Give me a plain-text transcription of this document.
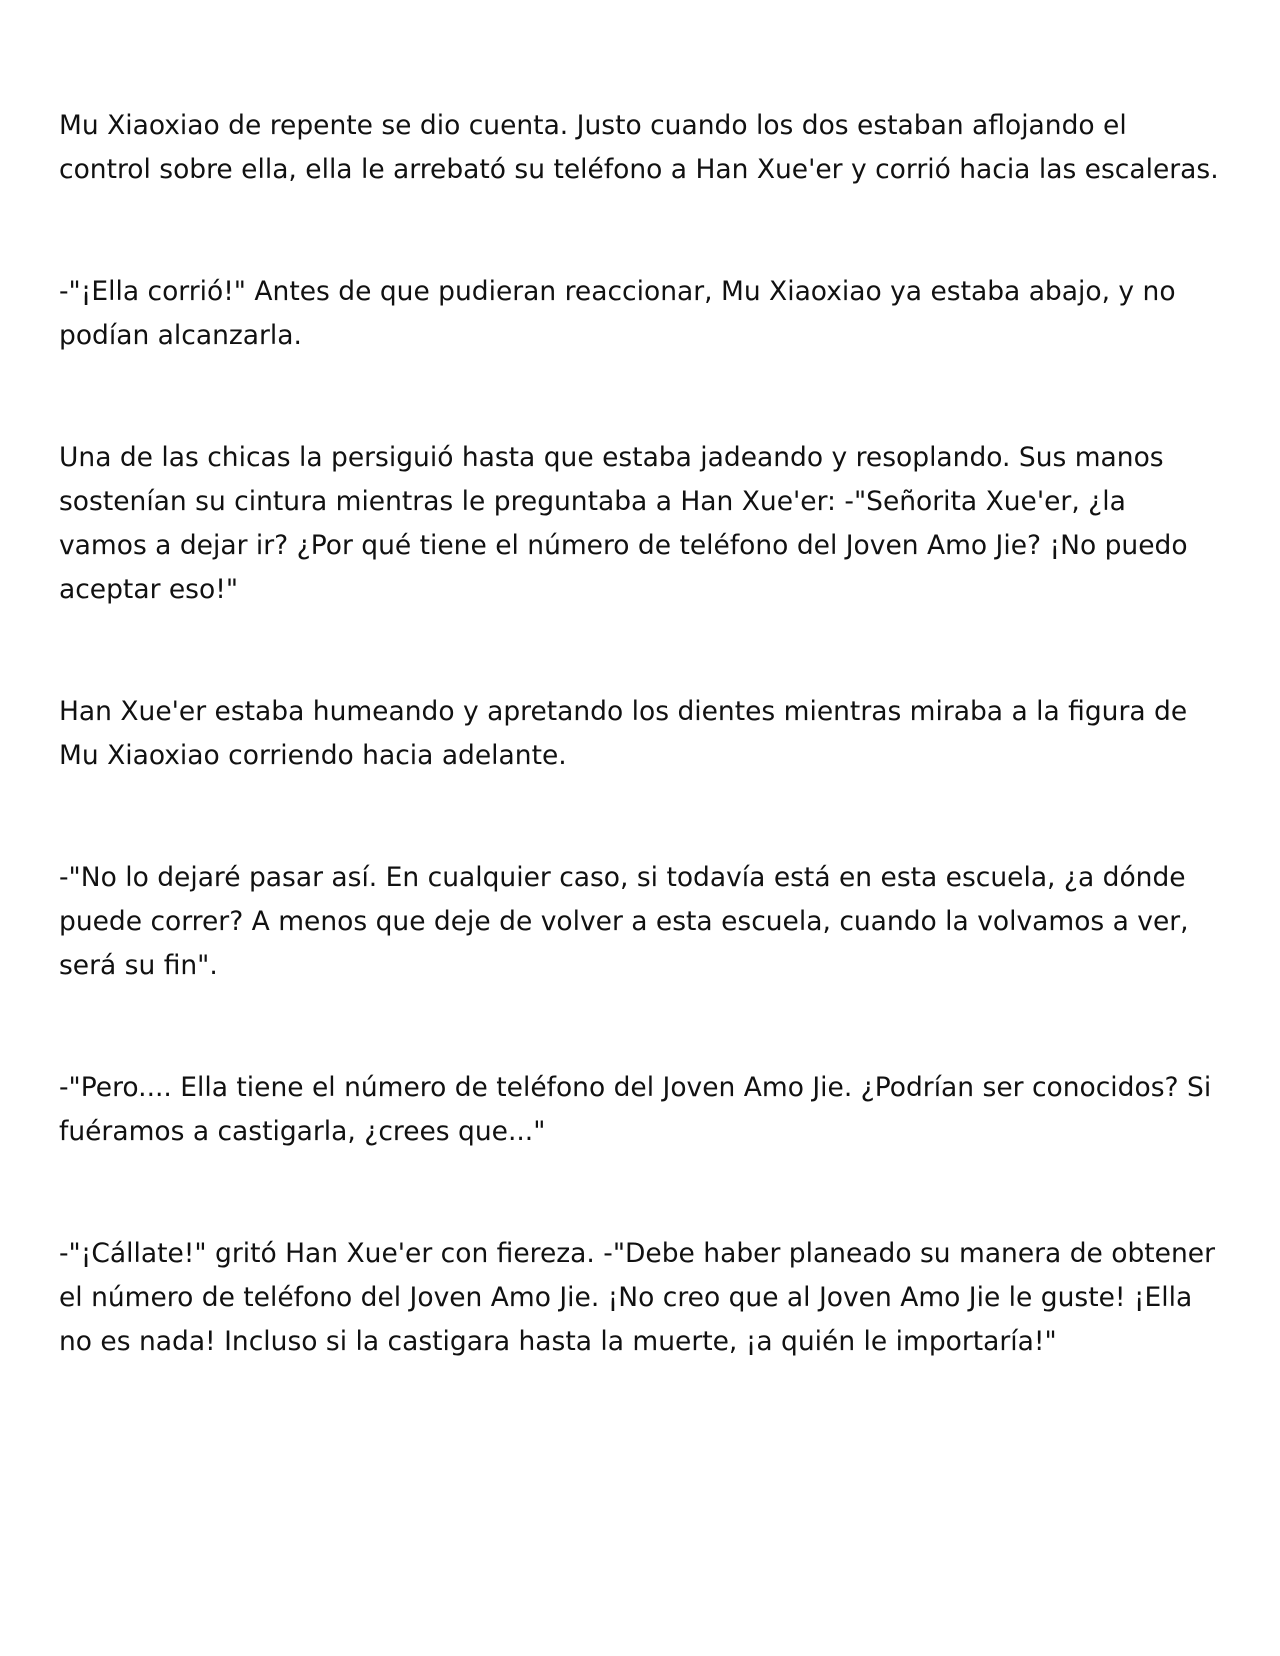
Mu Xiaoxiao de repente se dio cuenta. Justo cuando los dos estaban aflojando el control sobre ella, ella le arrebató su teléfono a Han Xue'er y corrió hacia las escaleras.

-"¡Ella corrió!" Antes de que pudieran reaccionar, Mu Xiaoxiao ya estaba abajo, y no podían alcanzarla.

Una de las chicas la persiguió hasta que estaba jadeando y resoplando. Sus manos sostenían su cintura mientras le preguntaba a Han Xue'er: -"Señorita Xue'er, ¿la vamos a dejar ir? ¿Por qué tiene el número de teléfono del Joven Amo Jie? ¡No puedo aceptar eso!"

Han Xue'er estaba humeando y apretando los dientes mientras miraba a la figura de Mu Xiaoxiao corriendo hacia adelante.

-"No lo dejaré pasar así. En cualquier caso, si todavía está en esta escuela, ¿a dónde puede correr? A menos que deje de volver a esta escuela, cuando la volvamos a ver, será su fin".

-"Pero.... Ella tiene el número de teléfono del Joven Amo Jie. ¿Podrían ser conocidos? Si fuéramos a castigarla, ¿crees que..."

-"¡Cállate!" gritó Han Xue'er con fiereza. -"Debe haber planeado su manera de obtener el número de teléfono del Joven Amo Jie. ¡No creo que al Joven Amo Jie le guste! ¡Ella no es nada! Incluso si la castigara hasta la muerte, ¡a quién le importaría!"
